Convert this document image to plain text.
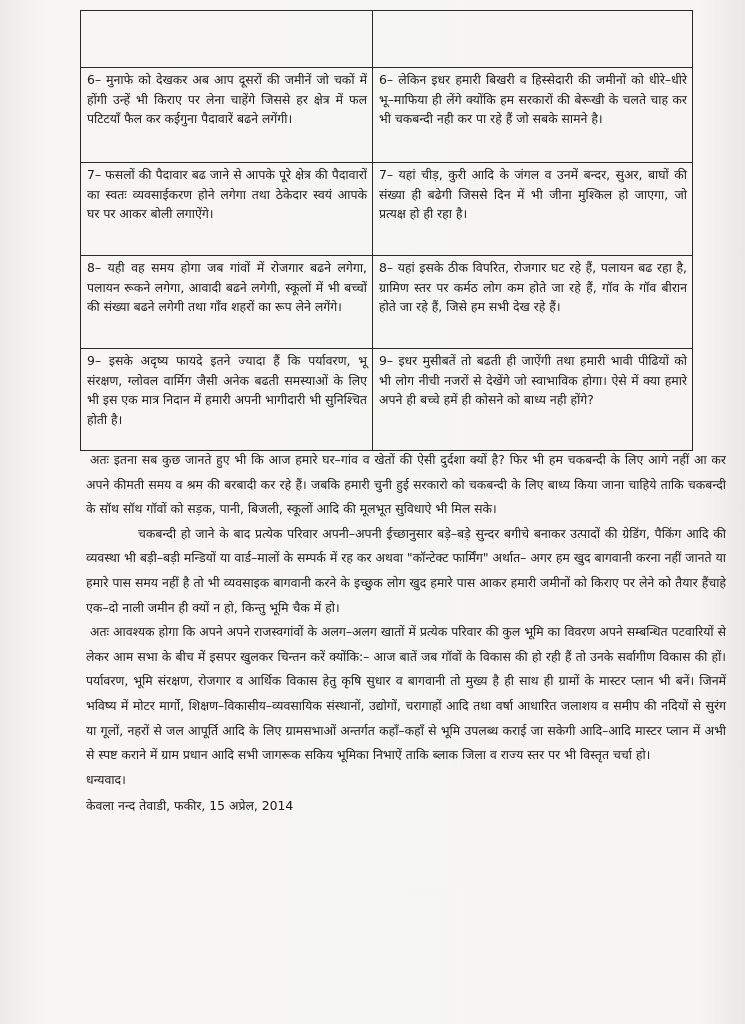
6– मुनाफे को देखकर अब आप दूसरों की जमीनें जो चकों में होंगी उन्हें भी किराए पर लेना चाहेंगे जिससे हर क्षेत्र में फल पटिटयॉं फैल कर कईगुना पैदावारें बढने लगेंगी।	6– लेकिन इधर हमारी बिखरी व हिस्सेदारी की जमीनों को धीरे–धीरे भू–माफिया ही लेंगे क्योंकि हम सरकारों की बेरूखी के चलते चाह कर भी चकबन्दी नही कर पा रहे हैं जो सबके सामने है।
7– फसलों की पैदावार बढ जाने से आपके पूरे क्षेत्र की पैदावारों का स्वतः व्यवसाईकरण होने लगेगा तथा ठेकेदार स्वयं आपके घर पर आकर बोली लगाऐंगे।	7– यहां चीड़, कुरी आदि के जंगल व उनमें बन्दर, सुअर, बाघों की संख्या ही बढेगी जिससे दिन में भी जीना मुश्किल हो जाएगा, जो प्रत्यक्ष हो ही रहा है।
8– यही वह समय होगा जब गांवों में रोजगार बढने लगेगा, पलायन रूकने लगेगा, आवादी बढने लगेगी, स्कूलों में भी बच्चों की संख्या बढने लगेगी तथा गॉंव शहरों का रूप लेने लगेंगे।	8– यहां इसके ठीक विपरित, रोजगार घट रहे हैं, पलायन बढ रहा है, ग्रामिण स्तर पर कर्मठ लोग कम होते जा रहे हैं, गॉव के गॉव बीरान होते जा रहे हैं, जिसे हम सभी देख रहे हैं।
9– इसके अदृष्य फायदे इतने ज्यादा हैं कि पर्यावरण, भू संरक्षण, ग्लोवल वार्मिग जैसी अनेक बढती समस्याओं के लिए भी इस एक मात्र निदान में हमारी अपनी भागीदारी भी सुनिश्चित होती है।	9– इधर मुसीबतें तो बढती ही जाऐंगी तथा हमारी भावी पीढियों को भी लोग नीची नजरों से देखेंगे जो स्वाभाविक होगा। ऐसे में क्या हमारे अपने ही बच्चे हमें ही कोसने को बाध्य नही होंगे?

अतः इतना सब कुछ जानते हुए भी कि आज हमारे घर–गांव व खेतों की ऐसी दुर्दशा क्यों है? फिर भी हम चकबन्दी के लिए आगे नहीं आ कर अपने कीमती समय व श्रम की बरबादी कर रहे हैं। जबकि हमारी चुनी हुई सरकारो को चकबन्दी के लिए बाध्य किया जाना चाहिये ताकि चकबन्दी के सॉथ सॉथ गॉवों को सड़क, पानी, बिजली, स्कूलों आदि की मूलभूत सुविधाऐ भी मिल सके।

चकबन्दी हो जाने के बाद प्रत्येक परिवार अपनी–अपनी ईच्छानुसार बड़े–बड़े सुन्दर बगीचे बनाकर उत्पादों की ग्रेडिंग, पैकिंग आदि की व्यवस्था भी बड़ी–बड़ी मन्डियों या वार्ड–मालों के सम्पर्क में रह कर अथवा "कॉन्टेक्ट फार्मिंग" अर्थात– अगर हम खुद बागवानी करना नहीं जानते या हमारे पास समय नहीं है तो भी व्यवसाइक बागवानी करने के इच्छुक लोग खुद हमारे पास आकर हमारी जमीनों को किराए पर लेने को तैयार हैंचाहे एक–दो नाली जमीन ही क्यों न हो, किन्तु भूमि चैक में हो।

अतः आवश्यक होगा कि अपने अपने राजस्वगांवों के अलग–अलग खातों में प्रत्येक परिवार की कुल भूमि का विवरण अपने सम्बन्धित पटवारियों से लेकर आम सभा के बीच में इसपर खुलकर चिन्तन करें क्योंकि:– आज बातें जब गॉवों के विकास की हो रही हैं तो उनके सर्वागीण विकास की हों। पर्यावरण, भूमि संरक्षण, रोजगार व आर्थिक विकास हेतु कृषि सुधार व बागवानी तो मुख्य है ही साथ ही ग्रामों के मास्टर प्लान भी बनें। जिनमें भविष्य में मोटर मार्गो, शिक्षण–विकासीय–व्यवसायिक संस्थानों, उद्योगों, चरागाहों आदि तथा वर्षा आधारित जलाशय व समीप की नदियों से सुरंग या गूलों, नहरों से जल आपूर्ति आदि के लिए ग्रामसभाओं अन्तर्गत कहॉं–कहॉं से भूमि उपलब्ध कराई जा सकेगी आदि–आदि मास्टर प्लान में अभी से स्पष्ट कराने में ग्राम प्रधान आदि सभी जागरूक सकिय भूमिका निभाऐं ताकि ब्लाक जिला व राज्य स्तर पर भी विस्तृत चर्चा हो।

धन्यवाद।

केवला नन्द तेवाडी, फकीर, 15 अप्रेल, 2014
